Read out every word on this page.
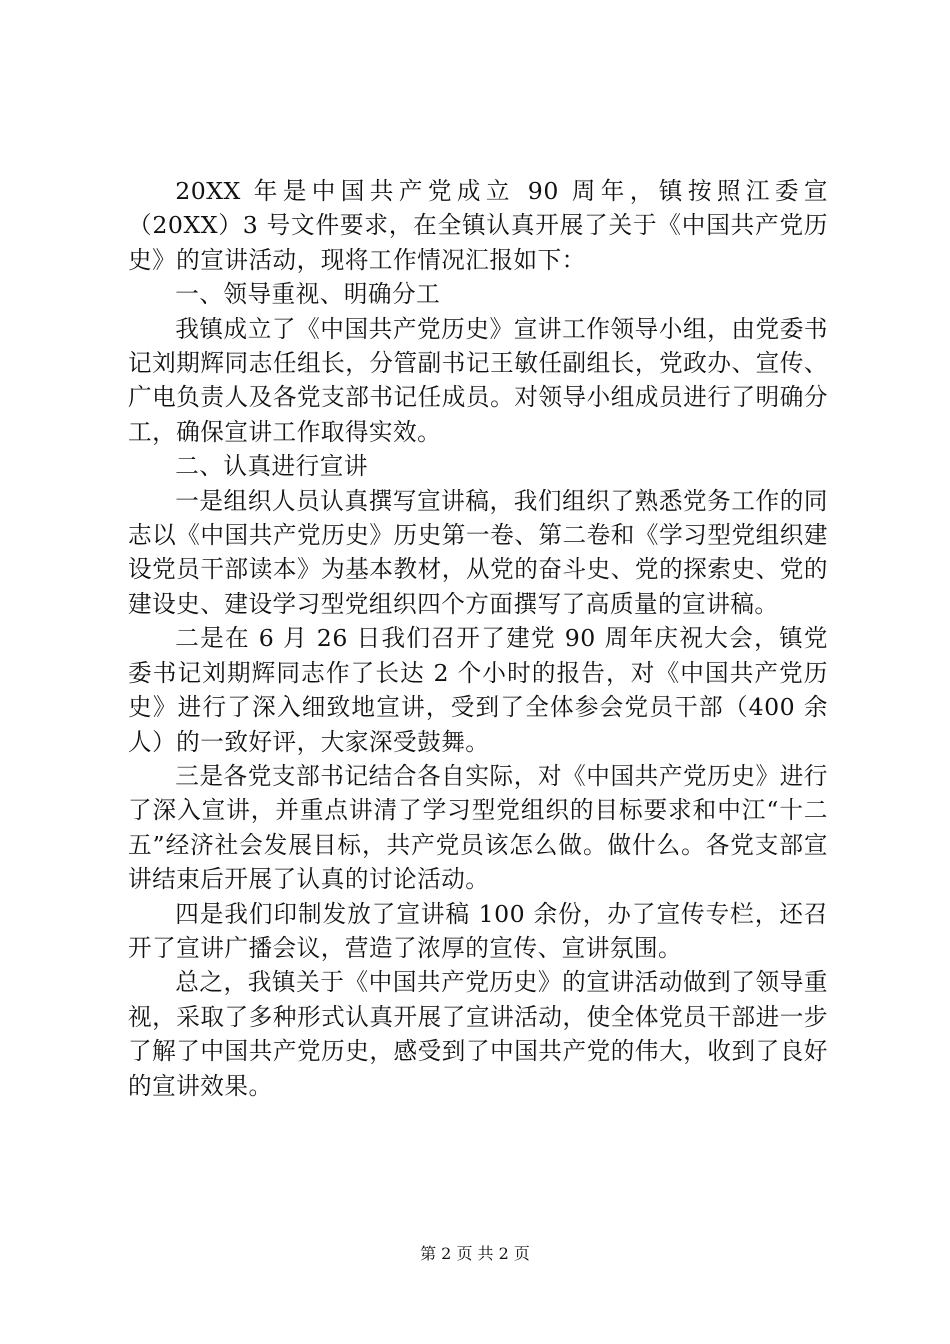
20XX 年是中国共产党成立 90 周年，镇按照江委宣（20XX）3 号文件要求，在全镇认真开展了关于《中国共产党历史》的宣讲活动，现将工作情况汇报如下：

一、领导重视、明确分工

我镇成立了《中国共产党历史》宣讲工作领导小组，由党委书记刘期辉同志任组长，分管副书记王敏任副组长，党政办、宣传、广电负责人及各党支部书记任成员。对领导小组成员进行了明确分工，确保宣讲工作取得实效。

二、认真进行宣讲

一是组织人员认真撰写宣讲稿，我们组织了熟悉党务工作的同志以《中国共产党历史》历史第一卷、第二卷和《学习型党组织建设党员干部读本》为基本教材，从党的奋斗史、党的探索史、党的建设史、建设学习型党组织四个方面撰写了高质量的宣讲稿。

二是在 6 月 26 日我们召开了建党 90 周年庆祝大会，镇党委书记刘期辉同志作了长达 2 个小时的报告，对《中国共产党历史》进行了深入细致地宣讲，受到了全体参会党员干部（400 余人）的一致好评，大家深受鼓舞。

三是各党支部书记结合各自实际，对《中国共产党历史》进行了深入宣讲，并重点讲清了学习型党组织的目标要求和中江“十二五”经济社会发展目标，共产党员该怎么做。做什么。各党支部宣讲结束后开展了认真的讨论活动。

四是我们印制发放了宣讲稿 100 余份，办了宣传专栏，还召开了宣讲广播会议，营造了浓厚的宣传、宣讲氛围。

总之，我镇关于《中国共产党历史》的宣讲活动做到了领导重视，采取了多种形式认真开展了宣讲活动，使全体党员干部进一步了解了中国共产党历史，感受到了中国共产党的伟大，收到了良好的宣讲效果。

第 2 页 共 2 页
